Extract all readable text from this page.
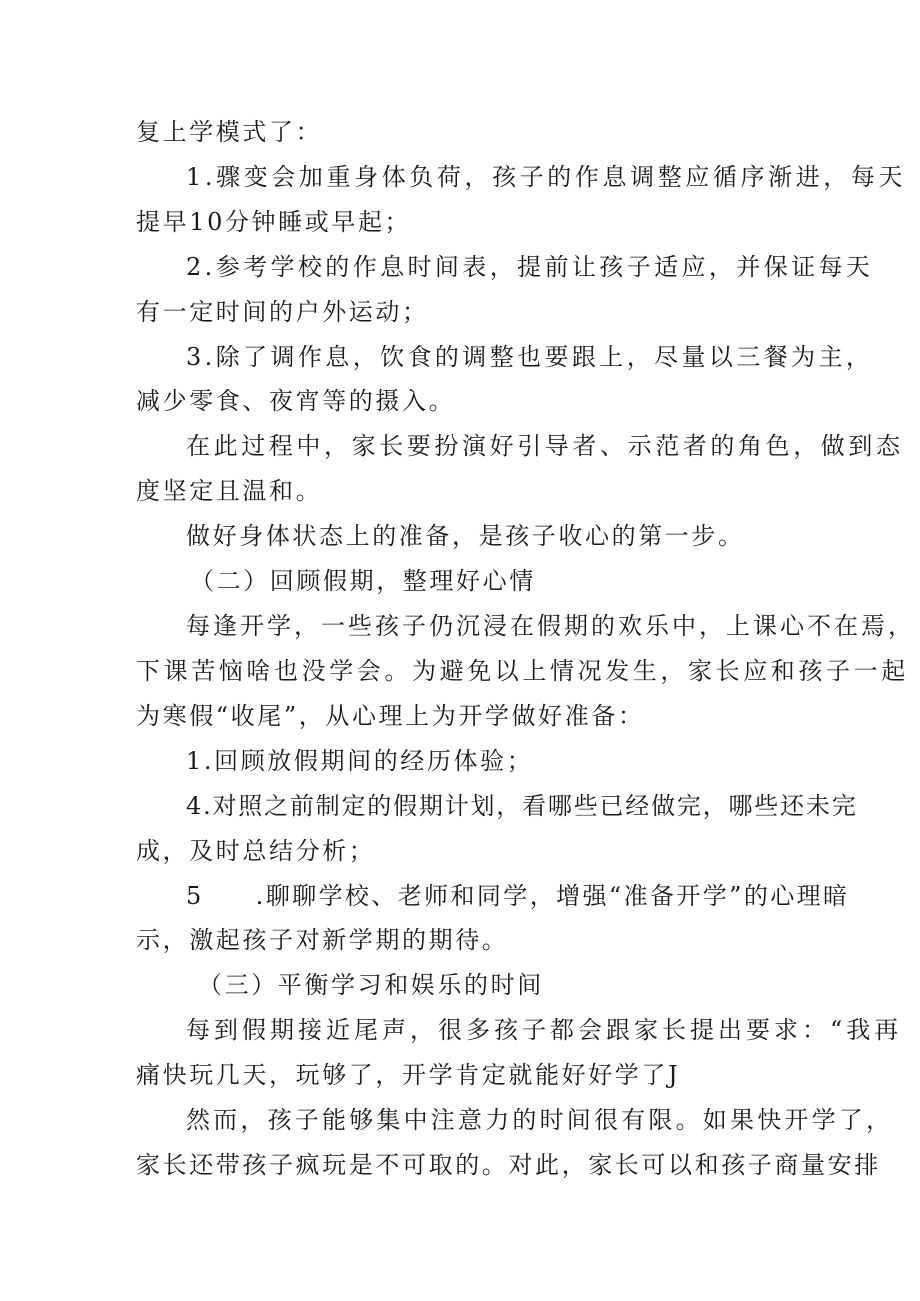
复上学模式了：
1.骤变会加重身体负荷，孩子的作息调整应循序渐进，每天
提早10分钟睡或早起；
2.参考学校的作息时间表，提前让孩子适应，并保证每天
有一定时间的户外运动；
3.除了调作息，饮食的调整也要跟上，尽量以三餐为主，
减少零食、夜宵等的摄入。
在此过程中，家长要扮演好引导者、示范者的角色，做到态
度坚定且温和。
做好身体状态上的准备，是孩子收心的第一步。
（二）回顾假期，整理好心情
每逢开学，一些孩子仍沉浸在假期的欢乐中，上课心不在焉，
下课苦恼啥也没学会。为避免以上情况发生，家长应和孩子一起
为寒假“收尾”，从心理上为开学做好准备：
1.回顾放假期间的经历体验；
4.对照之前制定的假期计划，看哪些已经做完，哪些还未完
成，及时总结分析；
5 .聊聊学校、老师和同学，增强“准备开学”的心理暗
示，激起孩子对新学期的期待。
（三）平衡学习和娱乐的时间
每到假期接近尾声，很多孩子都会跟家长提出要求：“我再
痛快玩几天，玩够了，开学肯定就能好好学了J
然而，孩子能够集中注意力的时间很有限。如果快开学了，
家长还带孩子疯玩是不可取的。对此，家长可以和孩子商量安排
